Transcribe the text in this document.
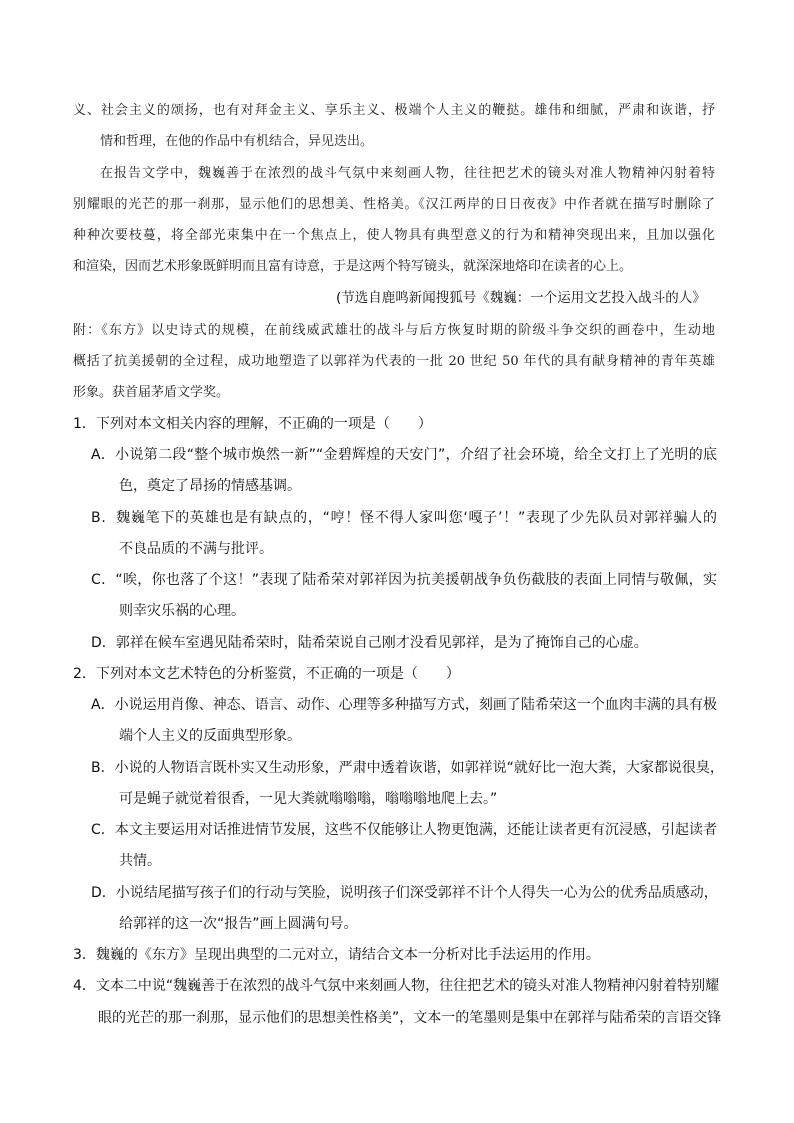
义、社会主义的颂扬，也有对拜金主义、享乐主义、极端个人主义的鞭挞。雄伟和细腻，严肃和诙谐，抒
情和哲理，在他的作品中有机结合，异见迭出。
在报告文学中，魏巍善于在浓烈的战斗气氛中来刻画人物，往往把艺术的镜头对准人物精神闪射着特
别耀眼的光芒的那一刹那，显示他们的思想美、性格美。《汉江两岸的日日夜夜》中作者就在描写时删除了
种种次要枝蔓，将全部光束集中在一个焦点上，使人物具有典型意义的行为和精神突现出来，且加以强化
和渲染，因而艺术形象既鲜明而且富有诗意，于是这两个特写镜头，就深深地烙印在读者的心上。
(节选自鹿鸣新闻搜狐号《魏巍：一个运用文艺投入战斗的人》
附：《东方》以史诗式的规模，在前线威武雄壮的战斗与后方恢复时期的阶级斗争交织的画卷中，生动地
概括了抗美援朝的全过程，成功地塑造了以郭祥为代表的一批 20 世纪 50 年代的具有献身精神的青年英雄
形象。获首届茅盾文学奖。
1．下列对本文相关内容的理解，不正确的一项是（　　）
A．小说第二段“整个城市焕然一新”“金碧辉煌的天安门”，介绍了社会环境，给全文打上了光明的底
色，奠定了昂扬的情感基调。
B．魏巍笔下的英雄也是有缺点的，“哼！怪不得人家叫您‘嘎子’！”表现了少先队员对郭祥骗人的
不良品质的不满与批评。
C．“唉，你也落了个这！”表现了陆希荣对郭祥因为抗美援朝战争负伤截肢的表面上同情与敬佩，实
则幸灾乐祸的心理。
D．郭祥在候车室遇见陆希荣时，陆希荣说自己刚才没看见郭祥，是为了掩饰自己的心虚。
2．下列对本文艺术特色的分析鉴赏，不正确的一项是（　　）
A．小说运用肖像、神态、语言、动作、心理等多种描写方式，刻画了陆希荣这一个血肉丰满的具有极
端个人主义的反面典型形象。
B．小说的人物语言既朴实又生动形象，严肃中透着诙谐，如郭祥说“就好比一泡大粪，大家都说很臭，
可是蝇子就觉着很香，一见大粪就嗡嗡嗡，嗡嗡嗡地爬上去。”
C．本文主要运用对话推进情节发展，这些不仅能够让人物更饱满，还能让读者更有沉浸感，引起读者
共情。
D．小说结尾描写孩子们的行动与笑脸，说明孩子们深受郭祥不计个人得失一心为公的优秀品质感动，
给郭祥的这一次“报告”画上圆满句号。
3．魏巍的《东方》呈现出典型的二元对立，请结合文本一分析对比手法运用的作用。
4．文本二中说“魏巍善于在浓烈的战斗气氛中来刻画人物，往往把艺术的镜头对准人物精神闪射着特别耀
眼的光芒的那一刹那，显示他们的思想美性格美”，文本一的笔墨则是集中在郭祥与陆希荣的言语交锋
